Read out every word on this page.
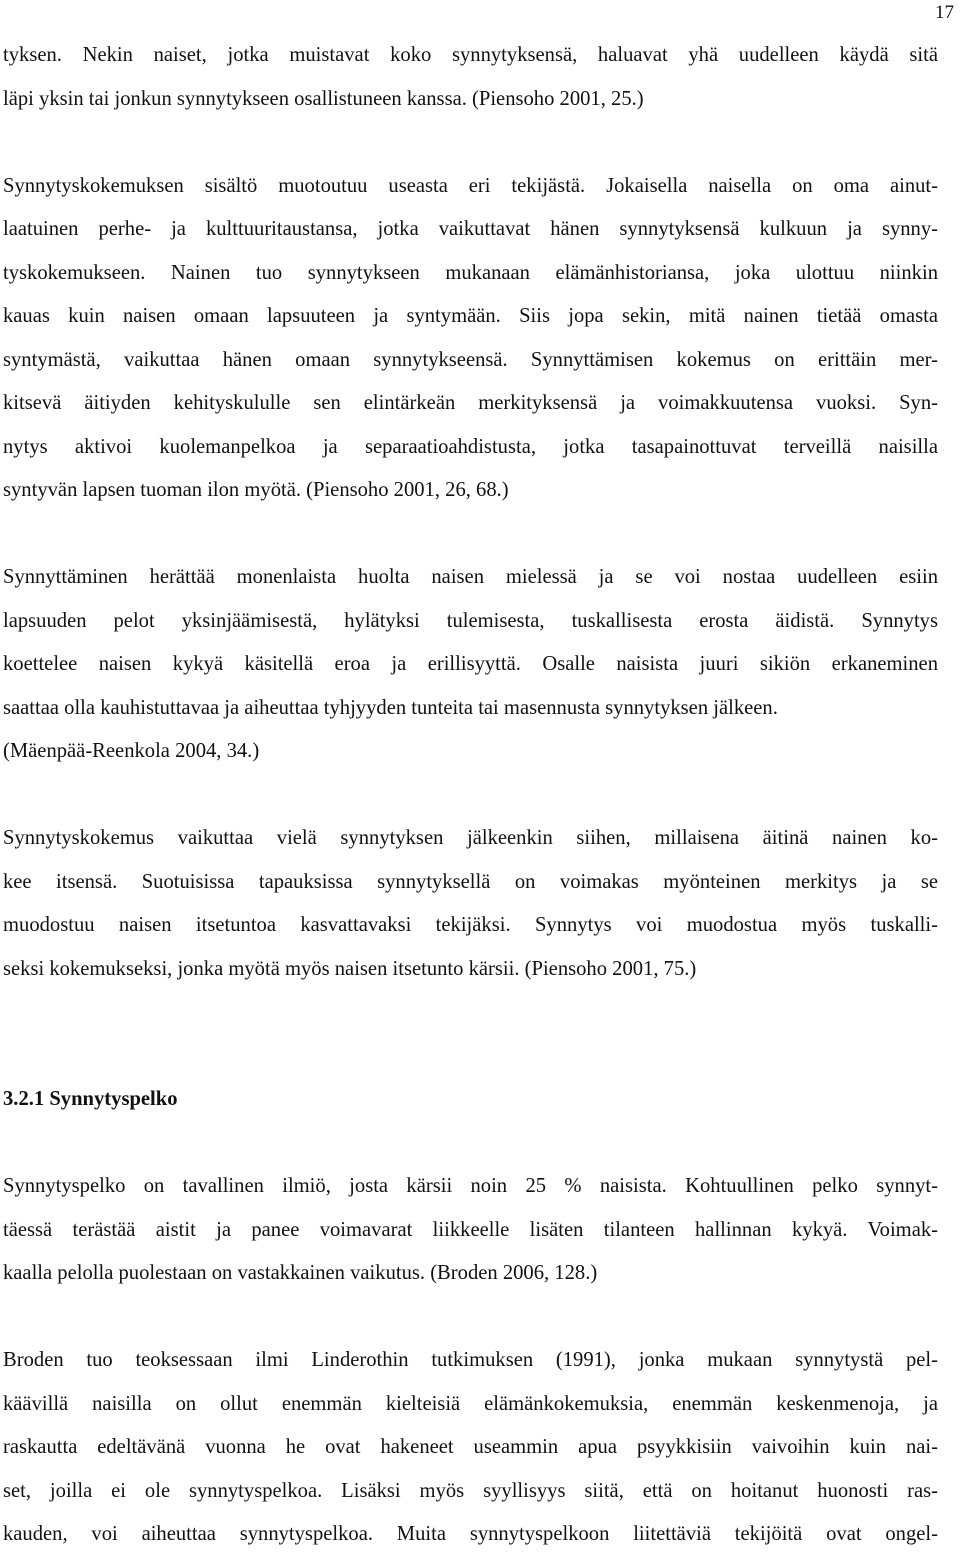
17
tyksen. Nekin naiset, jotka muistavat koko synnytyksensä, haluavat yhä uudelleen käydä sitä
läpi yksin tai jonkun synnytykseen osallistuneen kanssa. (Piensoho 2001, 25.)
Synnytyskokemuksen sisältö muotoutuu useasta eri tekijästä. Jokaisella naisella on oma ainut-
laatuinen perhe- ja kulttuuritaustansa, jotka vaikuttavat hänen synnytyksensä kulkuun ja synny-
tyskokemukseen. Nainen tuo synnytykseen mukanaan elämänhistoriansa, joka ulottuu niinkin
kauas kuin naisen omaan lapsuuteen ja syntymään. Siis jopa sekin, mitä nainen tietää omasta
syntymästä, vaikuttaa hänen omaan synnytykseensä. Synnyttämisen kokemus on erittäin mer-
kitsevä äitiyden kehityskululle sen elintärkeän merkityksensä ja voimakkuutensa vuoksi. Syn-
nytys aktivoi kuolemanpelkoa ja separaatioahdistusta, jotka tasapainottuvat terveillä naisilla
syntyvän lapsen tuoman ilon myötä. (Piensoho 2001, 26, 68.)
Synnyttäminen herättää monenlaista huolta naisen mielessä ja se voi nostaa uudelleen esiin
lapsuuden pelot yksinjäämisestä, hylätyksi tulemisesta, tuskallisesta erosta äidistä. Synnytys
koettelee naisen kykyä käsitellä eroa ja erillisyyttä. Osalle naisista juuri sikiön erkaneminen
saattaa olla kauhistuttavaa ja aiheuttaa tyhjyyden tunteita tai masennusta synnytyksen jälkeen.
(Mäenpää-Reenkola 2004, 34.)
Synnytyskokemus vaikuttaa vielä synnytyksen jälkeenkin siihen, millaisena äitinä nainen ko-
kee itsensä. Suotuisissa tapauksissa synnytyksellä on voimakas myönteinen merkitys ja se
muodostuu naisen itsetuntoa kasvattavaksi tekijäksi. Synnytys voi muodostua myös tuskalli-
seksi kokemukseksi, jonka myötä myös naisen itsetunto kärsii. (Piensoho 2001, 75.)
3.2.1 Synnytyspelko
Synnytyspelko on tavallinen ilmiö, josta kärsii noin 25 % naisista. Kohtuullinen pelko synnyt-
täessä terästää aistit ja panee voimavarat liikkeelle lisäten tilanteen hallinnan kykyä. Voimak-
kaalla pelolla puolestaan on vastakkainen vaikutus. (Broden 2006, 128.)
Broden tuo teoksessaan ilmi Linderothin tutkimuksen (1991), jonka mukaan synnytystä pel-
käävillä naisilla on ollut enemmän kielteisiä elämänkokemuksia, enemmän keskenmenoja, ja
raskautta edeltävänä vuonna he ovat hakeneet useammin apua psyykkisiin vaivoihin kuin nai-
set, joilla ei ole synnytyspelkoa. Lisäksi myös syyllisyys siitä, että on hoitanut huonosti ras-
kauden, voi aiheuttaa synnytyspelkoa. Muita synnytyspelkoon liitettäviä tekijöitä ovat ongel-
